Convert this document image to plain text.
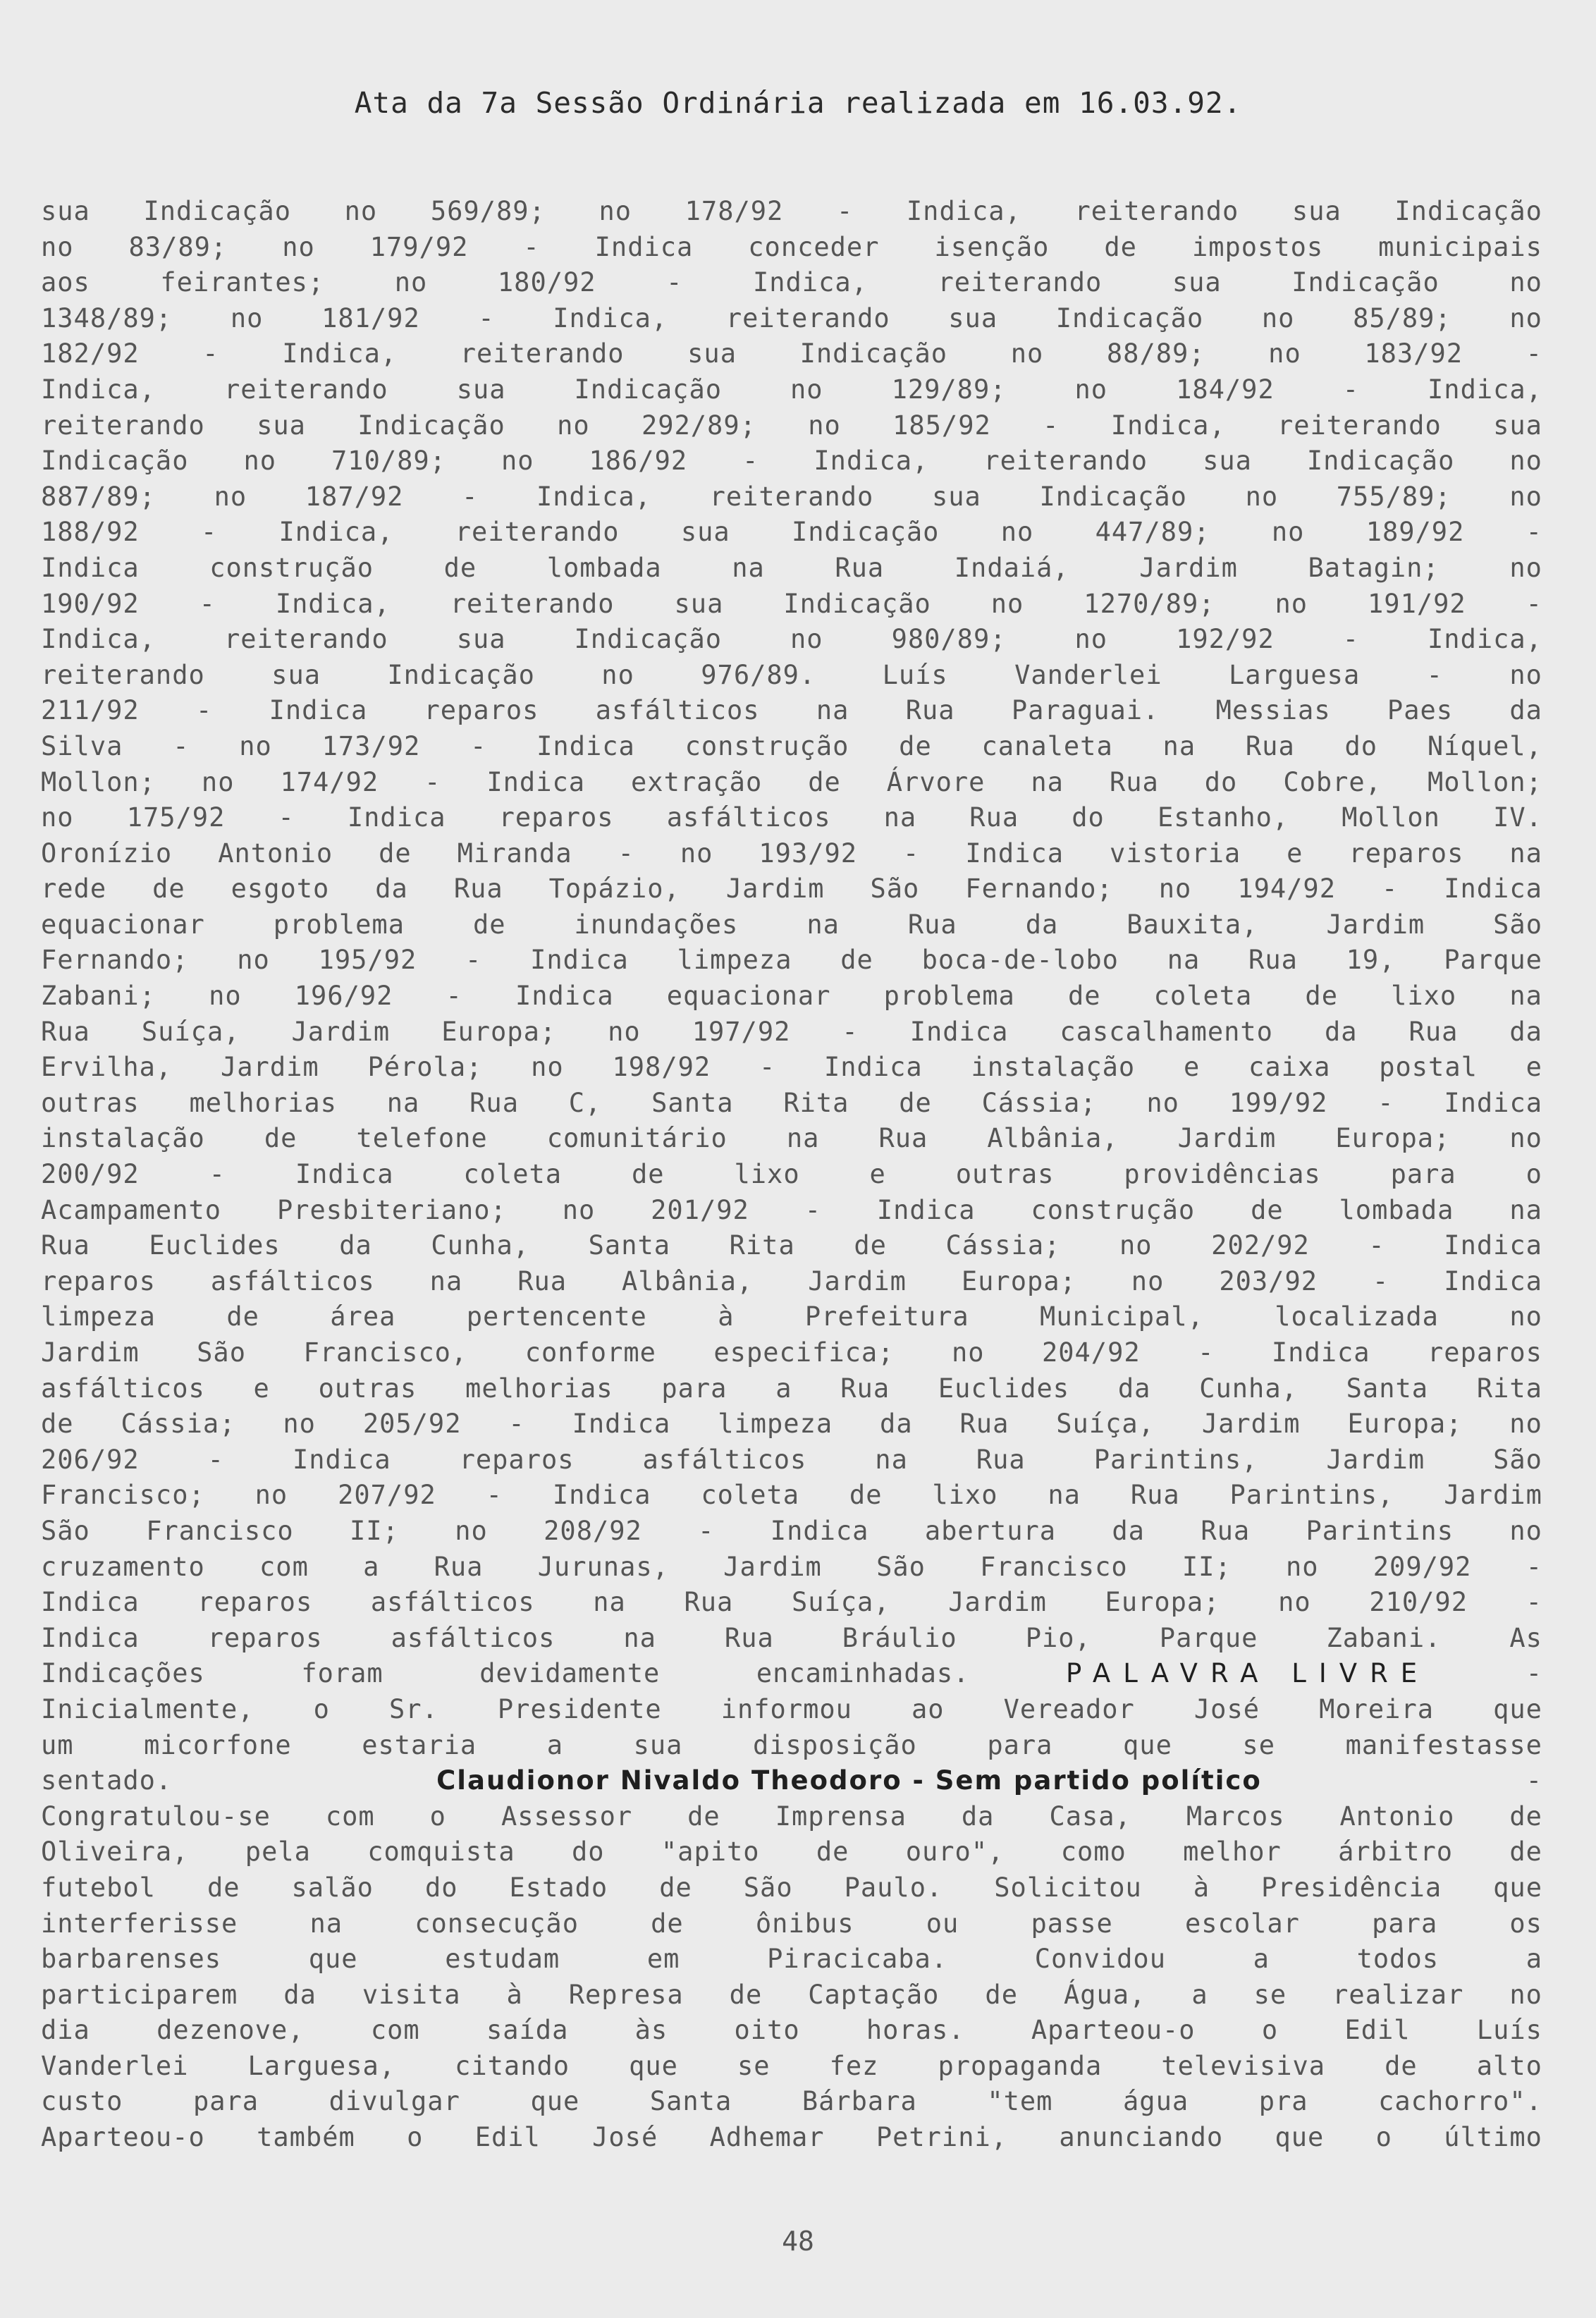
Ata da 7a Sessão Ordinária realizada em 16.03.92.
sua Indicação no 569/89; no 178/92 - Indica, reiterando sua Indicação
no 83/89; no 179/92 - Indica conceder isenção de impostos municipais
aos	feirantes;	no	180/92	-	Indica,	reiterando	sua	Indicação	no
1348/89; no 181/92 - Indica, reiterando sua Indicação no 85/89; no
182/92 - Indica, reiterando sua Indicação no 88/89; no 183/92 -
Indica,	reiterando	sua	Indicação	no	129/89;	no	184/92	-	Indica,
reiterando sua Indicação no 292/89; no 185/92 - Indica, reiterando sua
Indicação no 710/89; no 186/92 - Indica, reiterando sua Indicação no
887/89; no 187/92 - Indica, reiterando sua Indicação no 755/89; no
188/92 - Indica, reiterando sua Indicação no 447/89; no 189/92 -
Indica	construção	de	lombada	na	Rua	Indaiá,	Jardim	Batagin;	no
190/92 - Indica, reiterando sua Indicação no 1270/89; no 191/92 -
Indica,	reiterando	sua	Indicação	no	980/89;	no	192/92	-	Indica,
reiterando	sua	Indicação	no	976/89.	Luís	Vanderlei	Larguesa	-	no
211/92 - Indica reparos asfálticos na Rua Paraguai. Messias Paes da
Silva - no 173/92 - Indica construção de canaleta na Rua do Níquel,
Mollon; no 174/92 - Indica extração de Árvore na Rua do Cobre, Mollon;
no 175/92 - Indica reparos asfálticos na Rua do Estanho, Mollon IV.
Oronízio Antonio de Miranda - no 193/92 - Indica vistoria e reparos na
rede de esgoto da Rua Topázio, Jardim São Fernando; no 194/92 - Indica
equacionar	problema	de	inundações	na	Rua	da	Bauxita,	Jardim	São
Fernando; no 195/92 - Indica limpeza de boca-de-lobo na Rua 19, Parque
Zabani; no 196/92 - Indica equacionar problema de coleta de lixo na
Rua Suíça, Jardim Europa; no 197/92 - Indica cascalhamento da Rua da
Ervilha, Jardim Pérola; no 198/92 - Indica instalação e caixa postal e
outras melhorias na Rua C, Santa Rita de Cássia; no 199/92 - Indica
instalação de telefone comunitário na Rua Albânia, Jardim Europa; no
200/92	-	Indica	coleta	de	lixo	e	outras	providências	para	o
Acampamento Presbiteriano; no 201/92 - Indica construção de lombada na
Rua Euclides da Cunha, Santa Rita de Cássia; no 202/92 - Indica
reparos asfálticos na Rua Albânia, Jardim Europa; no 203/92 - Indica
limpeza	de	área	pertencente	à	Prefeitura	Municipal,	localizada	no
Jardim São Francisco, conforme especifica; no 204/92 - Indica reparos
asfálticos e outras melhorias para a Rua Euclides da Cunha, Santa Rita
de Cássia; no 205/92 - Indica limpeza da Rua Suíça, Jardim Europa; no
206/92	-	Indica	reparos	asfálticos	na	Rua	Parintins,	Jardim	São
Francisco; no 207/92 - Indica coleta de lixo na Rua Parintins, Jardim
São Francisco II; no 208/92 - Indica abertura da Rua Parintins no
cruzamento com a Rua Jurunas, Jardim São Francisco II; no 209/92 -
Indica reparos asfálticos na Rua Suíça, Jardim Europa; no 210/92 -
Indica	reparos	asfálticos	na	Rua	Bráulio	Pio,	Parque	Zabani.	As
Indicações	foram	devidamente	encaminhadas.	PALAVRA LIVRE	-
Inicialmente, o Sr. Presidente informou ao Vereador José Moreira que
um	micorfone	estaria	a	sua	disposição	para	que	se	manifestasse
sentado.	Claudionor Nivaldo Theodoro - Sem partido político	-
Congratulou-se com o Assessor de Imprensa da Casa, Marcos Antonio de
Oliveira, pela comquista do "apito de ouro", como melhor árbitro de
futebol de salão do Estado de São Paulo. Solicitou à Presidência que
interferisse	na	consecução	de	ônibus	ou	passe	escolar	para	os
barbarenses	que	estudam	em	Piracicaba.	Convidou	a	todos	a
participarem da visita à Represa de Captação de Água, a se realizar no
dia	dezenove,	com	saída	às	oito	horas.	Aparteou-o	o	Edil	Luís
Vanderlei Larguesa, citando que se fez propaganda televisiva de alto
custo	para	divulgar	que	Santa	Bárbara	"tem	água	pra	cachorro".
Aparteou-o também o Edil José Adhemar Petrini, anunciando que o último
48
